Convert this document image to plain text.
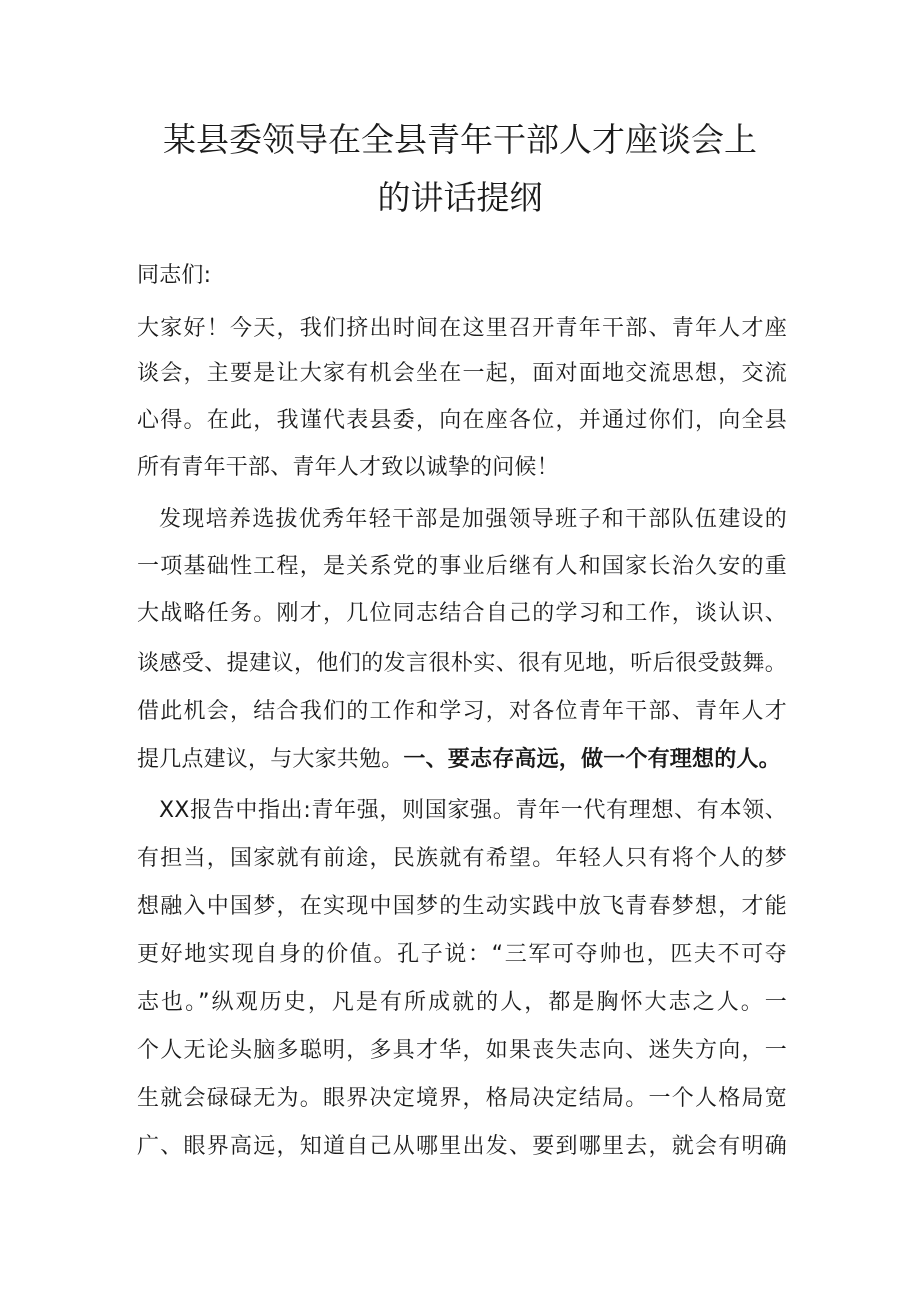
某县委领导在全县青年干部人才座谈会上
的讲话提纲
同志们:
大家好！今天，我们挤出时间在这里召开青年干部、青年人才座
谈会，主要是让大家有机会坐在一起，面对面地交流思想，交流
心得。在此，我谨代表县委，向在座各位，并通过你们，向全县
所有青年干部、青年人才致以诚挚的问候！
发现培养选拔优秀年轻干部是加强领导班子和干部队伍建设的
一项基础性工程，是关系党的事业后继有人和国家长治久安的重
大战略任务。刚才，几位同志结合自己的学习和工作，谈认识、
谈感受、提建议，他们的发言很朴实、很有见地，听后很受鼓舞。
借此机会，结合我们的工作和学习，对各位青年干部、青年人才
提几点建议，与大家共勉。一、要志存高远，做一个有理想的人。
XX报告中指出:青年强，则国家强。青年一代有理想、有本领、
有担当，国家就有前途，民族就有希望。年轻人只有将个人的梦
想融入中国梦，在实现中国梦的生动实践中放飞青春梦想，才能
更好地实现自身的价值。孔子说：“三军可夺帅也，匹夫不可夺
志也。”纵观历史，凡是有所成就的人，都是胸怀大志之人。一
个人无论头脑多聪明，多具才华，如果丧失志向、迷失方向，一
生就会碌碌无为。眼界决定境界，格局决定结局。一个人格局宽
广、眼界高远，知道自己从哪里出发、要到哪里去，就会有明确
